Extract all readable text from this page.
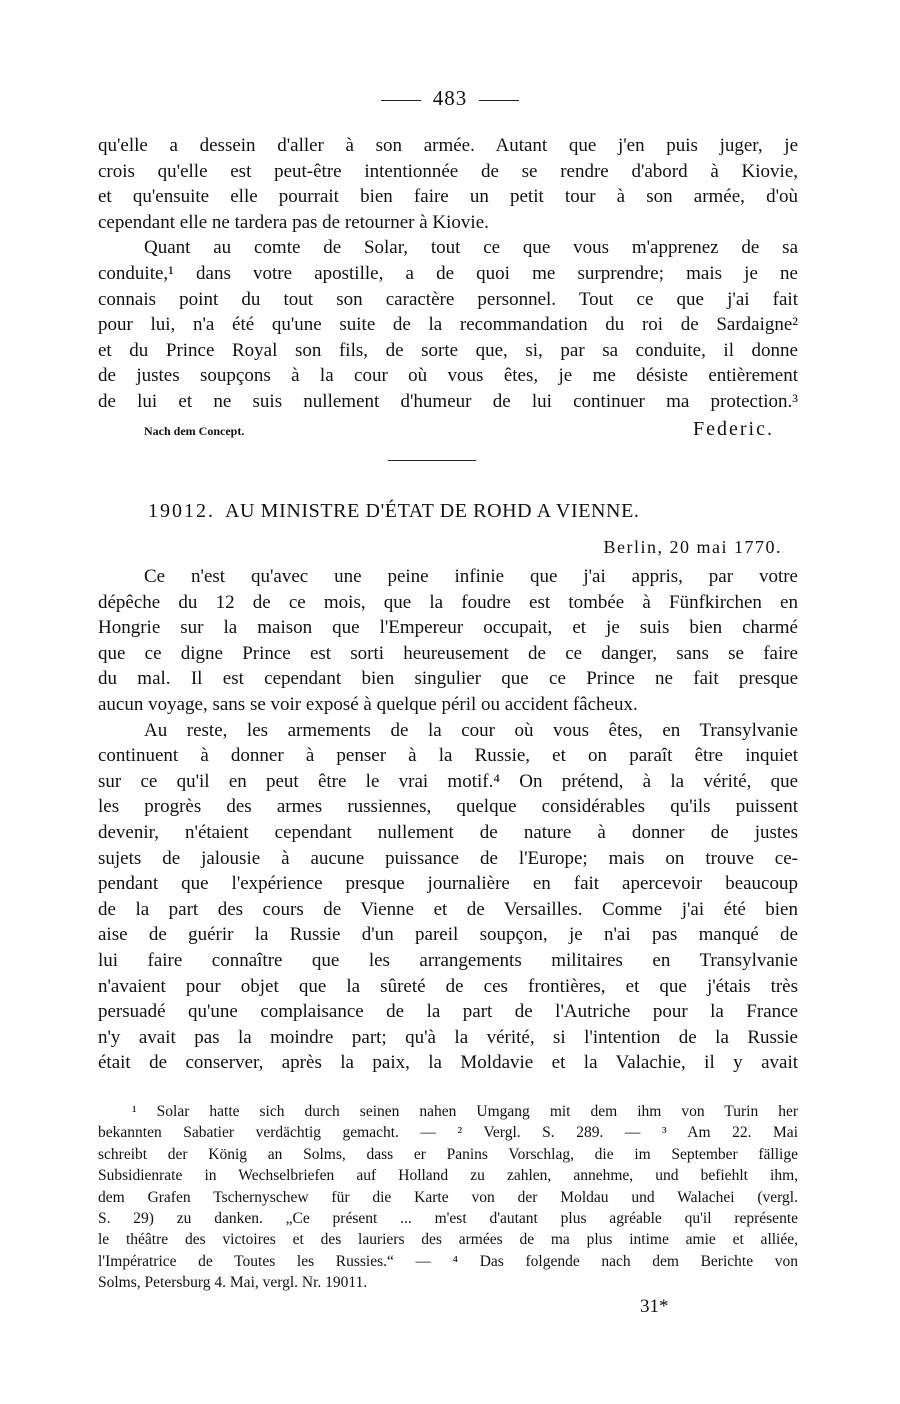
483
qu'elle a dessein d'aller à son armée. Autant que j'en puis juger, je
crois qu'elle est peut-être intentionnée de se rendre d'abord à Kiovie,
et qu'ensuite elle pourrait bien faire un petit tour à son armée, d'où
cependant elle ne tardera pas de retourner à Kiovie.
Quant au comte de Solar, tout ce que vous m'apprenez de sa
conduite,¹ dans votre apostille, a de quoi me surprendre; mais je ne
connais point du tout son caractère personnel. Tout ce que j'ai fait
pour lui, n'a été qu'une suite de la recommandation du roi de Sardaigne²
et du Prince Royal son fils, de sorte que, si, par sa conduite, il donne
de justes soupçons à la cour où vous êtes, je me désiste entièrement
de lui et ne suis nullement d'humeur de lui continuer ma protection.³
Nach dem Concept.	Federic.
19012. AU MINISTRE D'ÉTAT DE ROHD A VIENNE.
Berlin, 20 mai 1770.
Ce n'est qu'avec une peine infinie que j'ai appris, par votre
dépêche du 12 de ce mois, que la foudre est tombée à Fünfkirchen en
Hongrie sur la maison que l'Empereur occupait, et je suis bien charmé
que ce digne Prince est sorti heureusement de ce danger, sans se faire
du mal. Il est cependant bien singulier que ce Prince ne fait presque
aucun voyage, sans se voir exposé à quelque péril ou accident fâcheux.
Au reste, les armements de la cour où vous êtes, en Transylvanie
continuent à donner à penser à la Russie, et on paraît être inquiet
sur ce qu'il en peut être le vrai motif.⁴ On prétend, à la vérité, que
les progrès des armes russiennes, quelque considérables qu'ils puissent
devenir, n'étaient cependant nullement de nature à donner de justes
sujets de jalousie à aucune puissance de l'Europe; mais on trouve ce-
pendant que l'expérience presque journalière en fait apercevoir beaucoup
de la part des cours de Vienne et de Versailles. Comme j'ai été bien
aise de guérir la Russie d'un pareil soupçon, je n'ai pas manqué de
lui faire connaître que les arrangements militaires en Transylvanie
n'avaient pour objet que la sûreté de ces frontières, et que j'étais très
persuadé qu'une complaisance de la part de l'Autriche pour la France
n'y avait pas la moindre part; qu'à la vérité, si l'intention de la Russie
était de conserver, après la paix, la Moldavie et la Valachie, il y avait
¹ Solar hatte sich durch seinen nahen Umgang mit dem ihm von Turin her
bekannten Sabatier verdächtig gemacht. — ² Vergl. S. 289. — ³ Am 22. Mai
schreibt der König an Solms, dass er Panins Vorschlag, die im September fällige
Subsidienrate in Wechselbriefen auf Holland zu zahlen, annehme, und befiehlt ihm,
dem Grafen Tschernyschew für die Karte von der Moldau und Walachei (vergl.
S. 29) zu danken. „Ce présent ... m'est d'autant plus agréable qu'il représente
le théâtre des victoires et des lauriers des armées de ma plus intime amie et alliée,
l'Impératrice de Toutes les Russies.“ — ⁴ Das folgende nach dem Berichte von
Solms, Petersburg 4. Mai, vergl. Nr. 19011.
31*
